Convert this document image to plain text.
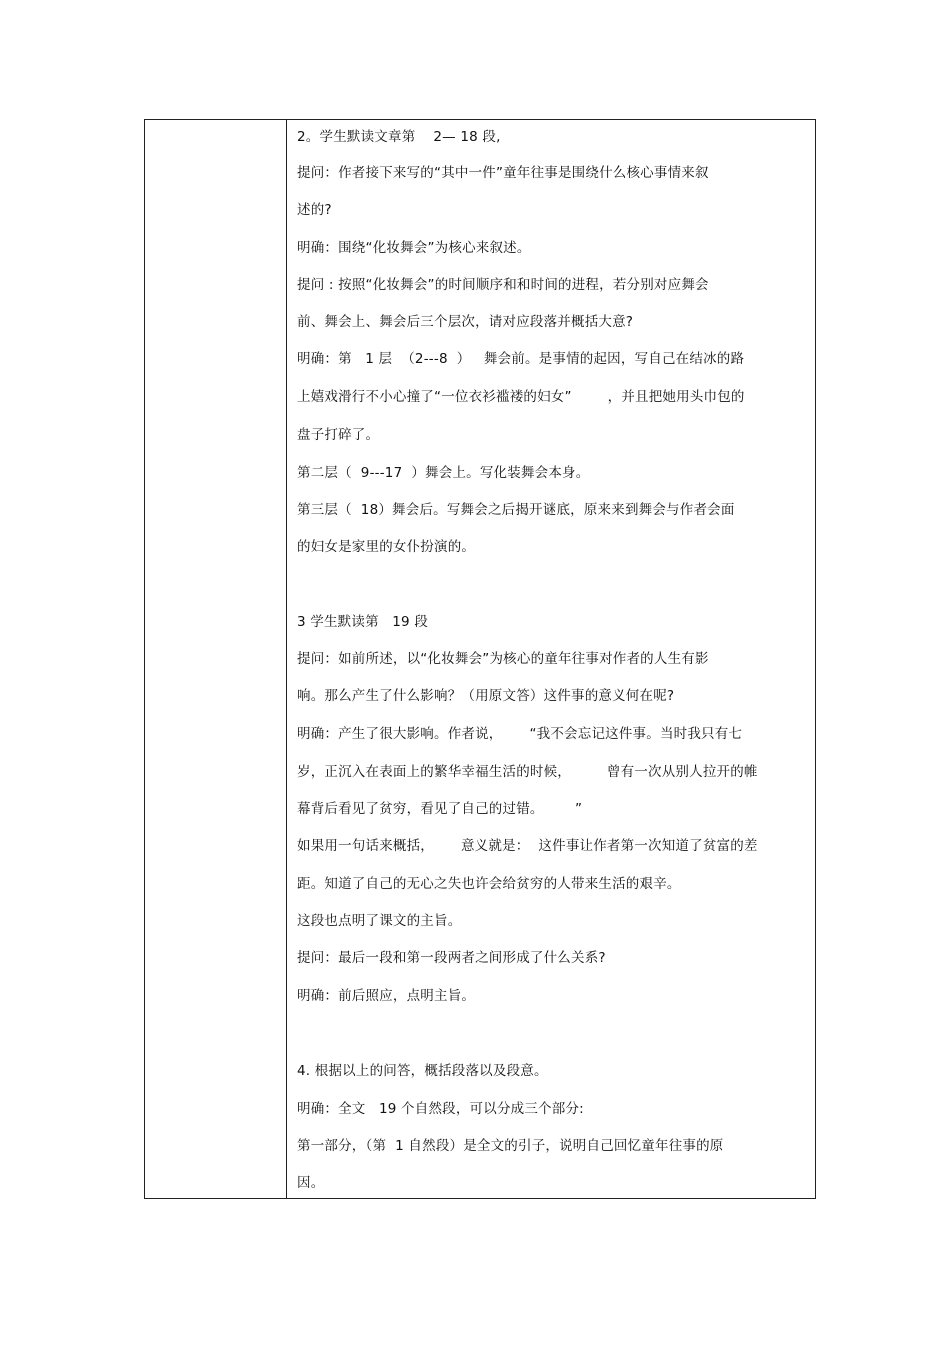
2。学生默读文章第    2— 18 段,
提问：作者接下来写的“其中一件”童年往事是围绕什么核心事情来叙
述的?
明确：围绕“化妆舞会”为核心来叙述。
提问 : 按照“化妆舞会”的时间顺序和和时间的进程，若分别对应舞会
前、舞会上、舞会后三个层次，请对应段落并概括大意?
明确：第   1 层  （2---8  ）   舞会前。是事情的起因，写自己在结冰的路
上嬉戏滑行不小心撞了“一位衣衫褴褛的妇女”        ，并且把她用头巾包的
盘子打碎了。
第二层（  9---17  ）舞会上。写化装舞会本身。
第三层（  18）舞会后。写舞会之后揭开谜底，原来来到舞会与作者会面
的妇女是家里的女仆扮演的。
3 学生默读第   19 段
提问：如前所述，以“化妆舞会”为核心的童年往事对作者的人生有影
响。那么产生了什么影响？（用原文答）这件事的意义何在呢?
明确：产生了很大影响。作者说，      “我不会忘记这件事。当时我只有七
岁，正沉入在表面上的繁华幸福生活的时候，        曾有一次从别人拉开的帷
幕背后看见了贫穷，看见了自己的过错。       ”
如果用一句话来概括，      意义就是：  这件事让作者第一次知道了贫富的差
距。知道了自己的无心之失也许会给贫穷的人带来生活的艰辛。
这段也点明了课文的主旨。
提问：最后一段和第一段两者之间形成了什么关系?
明确：前后照应，点明主旨。
4. 根据以上的问答，概括段落以及段意。
明确：全文   19 个自然段，可以分成三个部分:
第一部分，（第  1 自然段）是全文的引子，说明自己回忆童年往事的原
因。
